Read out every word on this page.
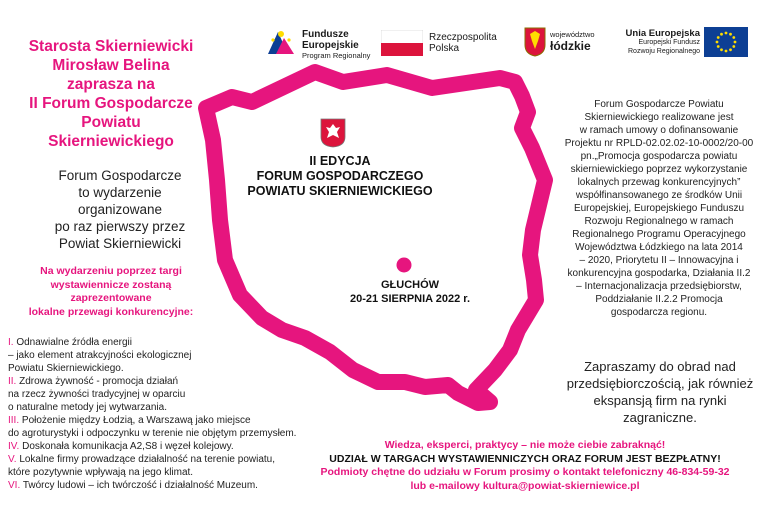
Fundusze
Europejskie
Program Regionalny
Rzeczpospolita
Polska
województwo
łódzkie
Unia Europejska
Europejski Fundusz
Rozwoju Regionalnego
Starosta Skierniewicki
Mirosław Belina
zaprasza na
II Forum Gospodarcze
Powiatu
Skierniewickiego
Forum Gospodarcze
to wydarzenie
organizowane
po raz pierwszy przez
Powiat Skierniewicki
Na wydarzeniu poprzez targi
wystawiennicze zostaną
zaprezentowane
lokalne przewagi konkurencyjne:
I. Odnawialne źródła energii
– jako element atrakcyjności ekologicznej
Powiatu Skierniewickiego.
II. Zdrowa żywność - promocja działań
na rzecz żywności tradycyjnej w oparciu
o naturalne metody jej wytwarzania.
III. Położenie między Łodzią, a Warszawą jako miejsce
do agroturystyki i odpoczynku w terenie nie objętym przemysłem.
IV. Doskonała komunikacja A2,S8 i węzeł kolejowy.
V. Lokalne firmy prowadzące działalność na terenie powiatu,
które pozytywnie wpływają na jego klimat.
VI. Twórcy ludowi – ich twórczość i działalność Muzeum.
II EDYCJA
FORUM GOSPODARCZEGO
POWIATU SKIERNIEWICKIEGO
GŁUCHÓW
20-21 SIERPNIA 2022 r.
Forum Gospodarcze Powiatu
Skierniewickiego realizowane jest
w ramach umowy o dofinansowanie
Projektu nr RPLD-02.02.02-10-0002/20-00
pn.„Promocja gospodarcza powiatu
skierniewickiego poprzez wykorzystanie
lokalnych przewag konkurencyjnych”
współfinansowanego ze środków Unii
Europejskiej, Europejskiego Funduszu
Rozwoju Regionalnego w ramach
Regionalnego Programu Operacyjnego
Województwa Łódzkiego na lata 2014
– 2020, Priorytetu II – Innowacyjna i
konkurencyjna gospodarka, Działania II.2
– Internacjonalizacja przedsiębiorstw,
Poddziałanie II.2.2 Promocja
gospodarcza regionu.
Zapraszamy do obrad nad
przedsiębiorczością, jak również
ekspansją firm na rynki zagraniczne.
Wiedza, eksperci, praktycy – nie może ciebie zabraknąć!
UDZIAŁ W TARGACH WYSTAWIENNICZYCH ORAZ FORUM JEST BEZPŁATNY!
Podmioty chętne do udziału w Forum prosimy o kontakt telefoniczny 46-834-59-32
lub e-mailowy kultura@powiat-skierniewice.pl
